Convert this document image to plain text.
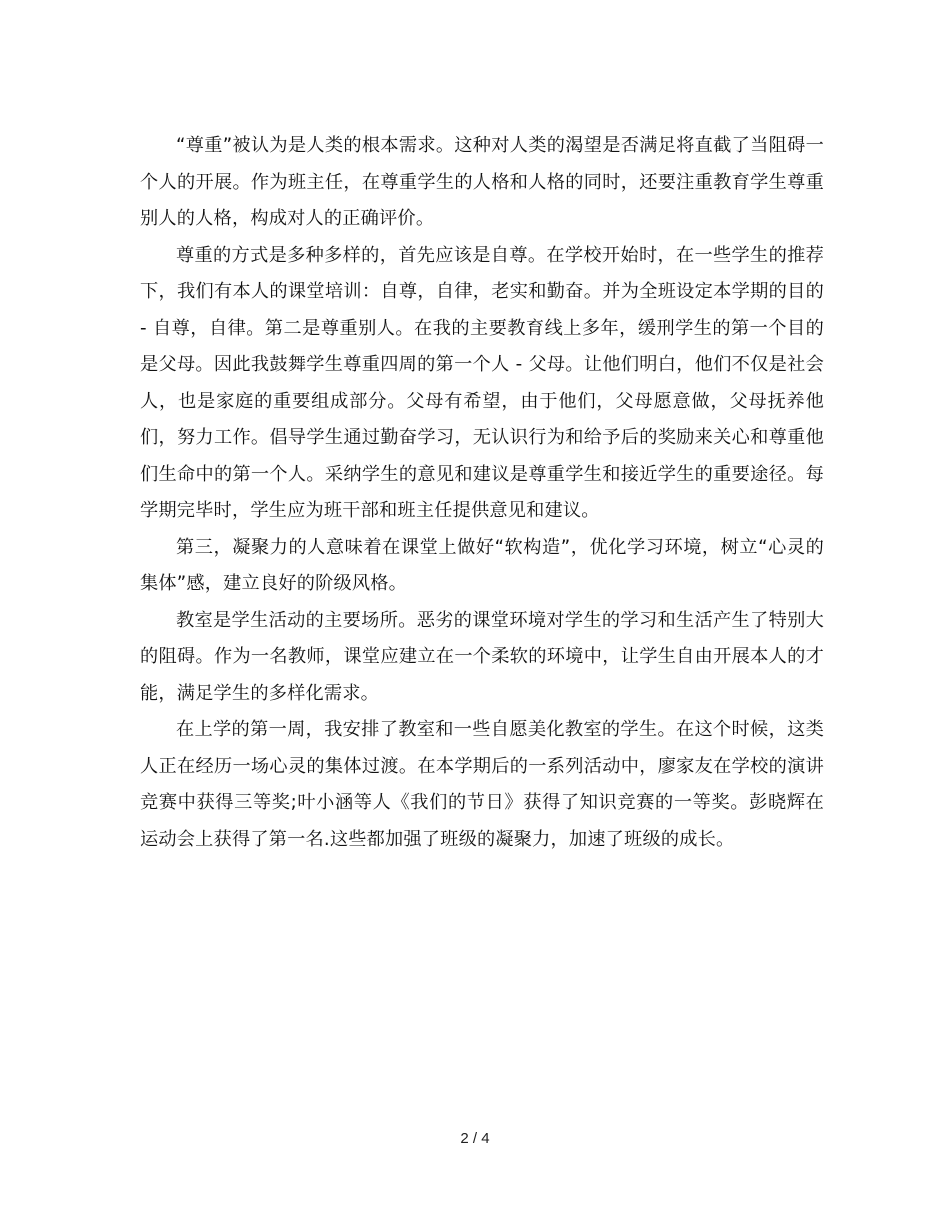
“尊重”被认为是人类的根本需求。这种对人类的渴望是否满足将直截了当阻碍一个人的开展。作为班主任，在尊重学生的人格和人格的同时，还要注重教育学生尊重别人的人格，构成对人的正确评价。

尊重的方式是多种多样的，首先应该是自尊。在学校开始时，在一些学生的推荐下，我们有本人的课堂培训：自尊，自律，老实和勤奋。并为全班设定本学期的目的 - 自尊，自律。第二是尊重别人。在我的主要教育线上多年，缓刑学生的第一个目的是父母。因此我鼓舞学生尊重四周的第一个人 - 父母。让他们明白，他们不仅是社会人，也是家庭的重要组成部分。父母有希望，由于他们，父母愿意做，父母抚养他们，努力工作。倡导学生通过勤奋学习，无认识行为和给予后的奖励来关心和尊重他们生命中的第一个人。采纳学生的意见和建议是尊重学生和接近学生的重要途径。每学期完毕时，学生应为班干部和班主任提供意见和建议。

第三，凝聚力的人意味着在课堂上做好“软构造”，优化学习环境，树立“心灵的集体”感，建立良好的阶级风格。

教室是学生活动的主要场所。恶劣的课堂环境对学生的学习和生活产生了特别大的阻碍。作为一名教师，课堂应建立在一个柔软的环境中，让学生自由开展本人的才能，满足学生的多样化需求。

在上学的第一周，我安排了教室和一些自愿美化教室的学生。在这个时候，这类人正在经历一场心灵的集体过渡。在本学期后的一系列活动中，廖家友在学校的演讲竞赛中获得三等奖;叶小涵等人《我们的节日》获得了知识竞赛的一等奖。彭晓辉在运动会上获得了第一名.这些都加强了班级的凝聚力，加速了班级的成长。

2 / 4
